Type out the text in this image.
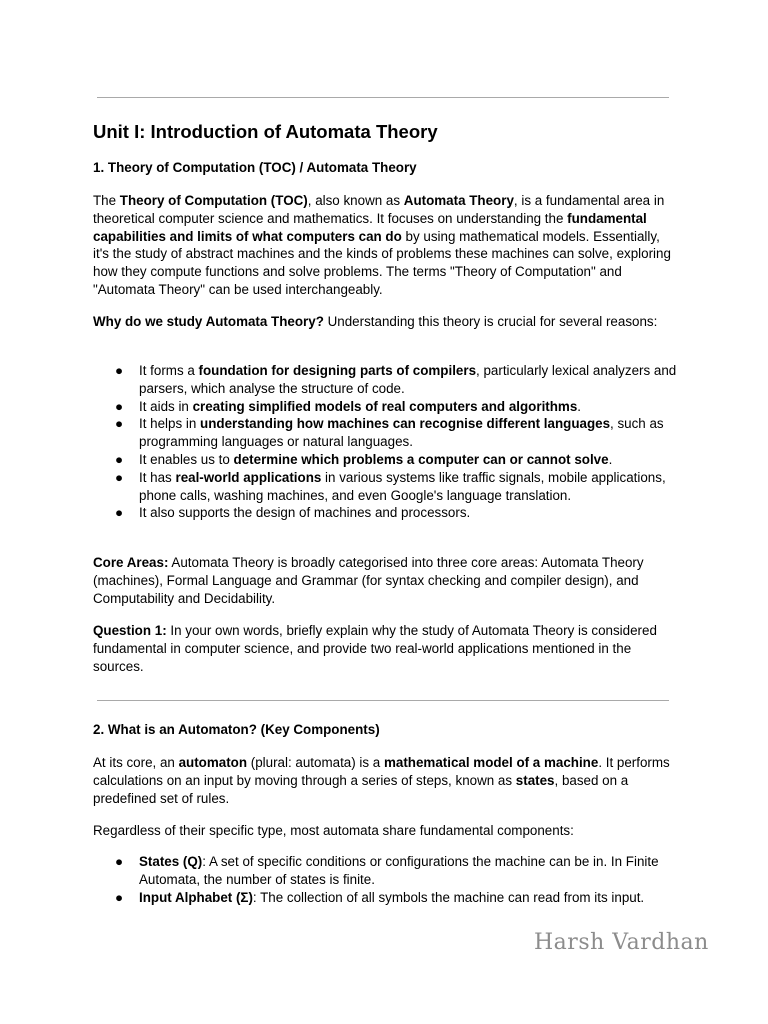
Unit I: Introduction of Automata Theory
1. Theory of Computation (TOC) / Automata Theory
The Theory of Computation (TOC), also known as Automata Theory, is a fundamental area in theoretical computer science and mathematics. It focuses on understanding the fundamental capabilities and limits of what computers can do by using mathematical models. Essentially, it's the study of abstract machines and the kinds of problems these machines can solve, exploring how they compute functions and solve problems. The terms "Theory of Computation" and "Automata Theory" can be used interchangeably.
Why do we study Automata Theory? Understanding this theory is crucial for several reasons:
● It forms a foundation for designing parts of compilers, particularly lexical analyzers and parsers, which analyse the structure of code.
● It aids in creating simplified models of real computers and algorithms.
● It helps in understanding how machines can recognise different languages, such as programming languages or natural languages.
● It enables us to determine which problems a computer can or cannot solve.
● It has real-world applications in various systems like traffic signals, mobile applications, phone calls, washing machines, and even Google's language translation.
● It also supports the design of machines and processors.
Core Areas: Automata Theory is broadly categorised into three core areas: Automata Theory (machines), Formal Language and Grammar (for syntax checking and compiler design), and Computability and Decidability.
Question 1: In your own words, briefly explain why the study of Automata Theory is considered fundamental in computer science, and provide two real-world applications mentioned in the sources.
2. What is an Automaton? (Key Components)
At its core, an automaton (plural: automata) is a mathematical model of a machine. It performs calculations on an input by moving through a series of steps, known as states, based on a predefined set of rules.
Regardless of their specific type, most automata share fundamental components:
● States (Q): A set of specific conditions or configurations the machine can be in. In Finite Automata, the number of states is finite.
● Input Alphabet (Σ): The collection of all symbols the machine can read from its input.
Harsh Vardhan
